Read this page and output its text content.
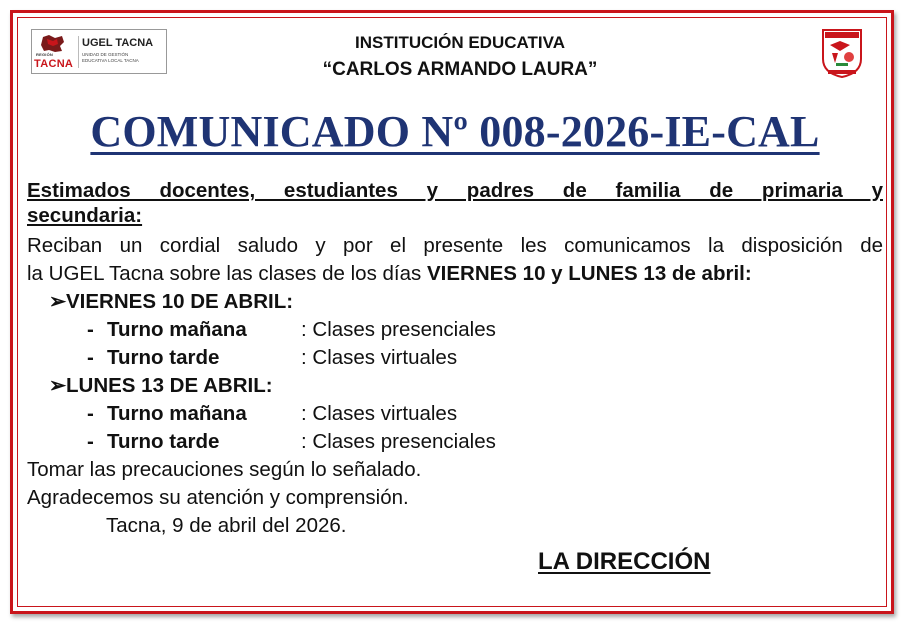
REGIÓN
TACNA
UGEL TACNA
UNIDAD DE GESTIÓN
EDUCATIVA LOCAL TACNA
INSTITUCIÓN EDUCATIVA
“CARLOS ARMANDO LAURA”
COMUNICADO Nº 008-2026-IE-CAL
Estimados docentes, estudiantes y padres de familia de primaria y
secundaria:
Reciban un cordial saludo y por el presente les comunicamos la disposición de
la UGEL Tacna sobre las clases de los días VIERNES 10 y LUNES 13 de abril:
➢VIERNES 10 DE ABRIL:
- Turno mañana	: Clases presenciales
- Turno tarde	: Clases virtuales
➢LUNES 13 DE ABRIL:
- Turno mañana	: Clases virtuales
- Turno tarde	: Clases presenciales
Tomar las precauciones según lo señalado.
Agradecemos su atención y comprensión.
Tacna, 9 de abril del 2026.
LA DIRECCIÓN
